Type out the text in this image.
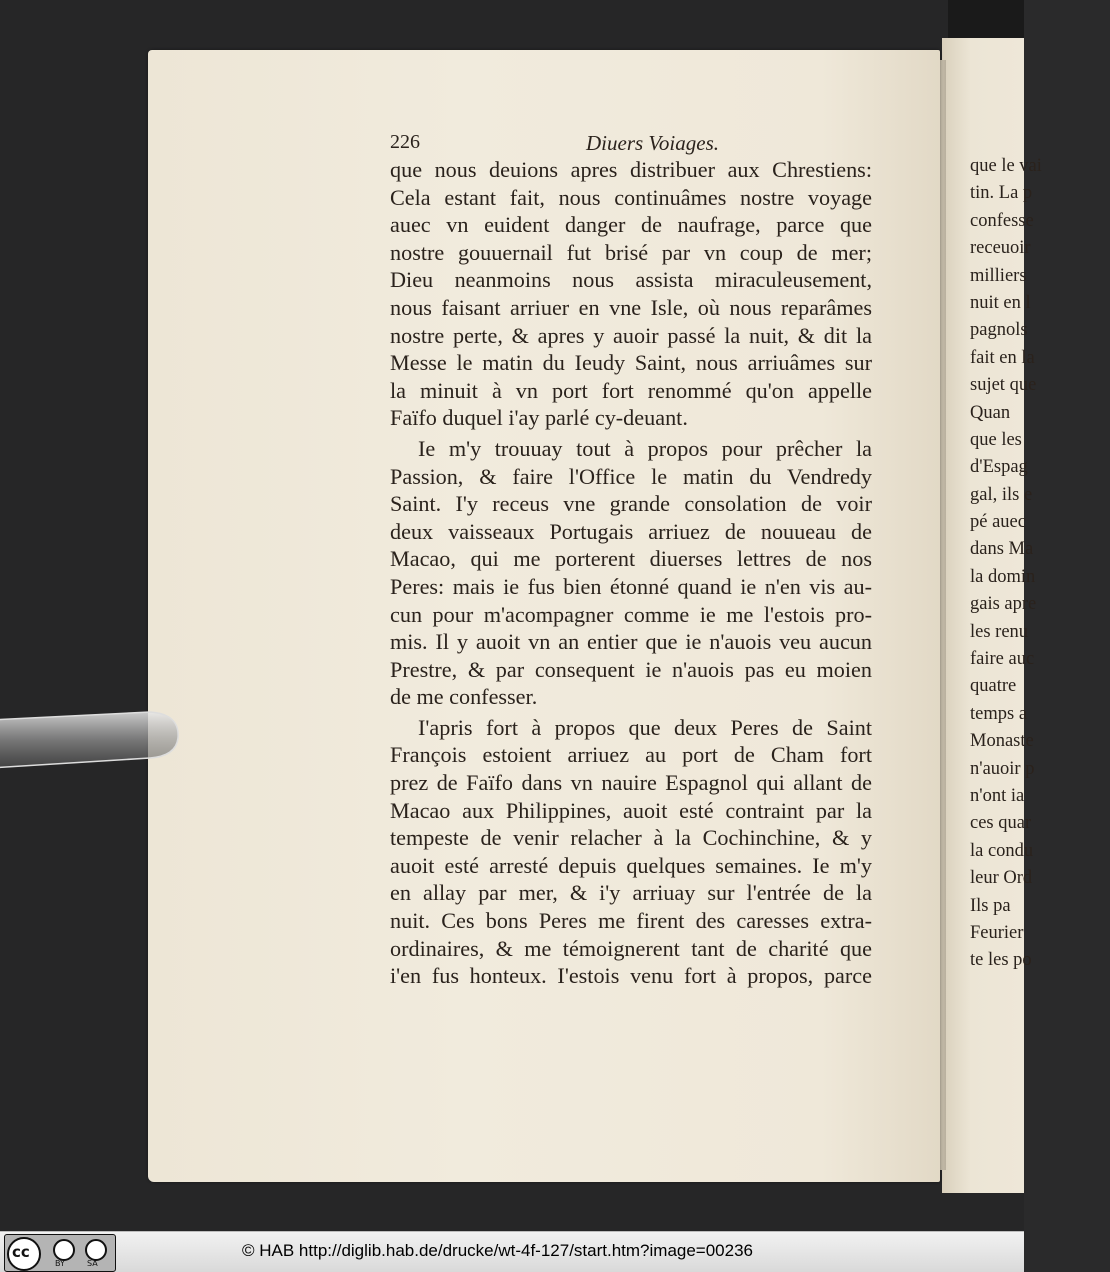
226	Diuers Voiages.
que nous deuions apres distribuer aux Chrestiens:
Cela estant fait, nous continuâmes nostre voyage
auec vn euident danger de naufrage, parce que
nostre gouuernail fut brisé par vn coup de mer;
Dieu neanmoins nous assista miraculeusement,
nous faisant arriuer en vne Isle, où nous reparâmes
nostre perte, & apres y auoir passé la nuit, & dit la
Messe le matin du Ieudy Saint, nous arriuâmes sur
la minuit à vn port fort renommé qu'on appelle
Faïfo duquel i'ay parlé cy-deuant.
Ie m'y trouuay tout à propos pour prêcher la
Passion, & faire l'Office le matin du Vendredy
Saint. I'y receus vne grande consolation de voir
deux vaisseaux Portugais arriuez de nouueau de
Macao, qui me porterent diuerses lettres de nos
Peres: mais ie fus bien étonné quand ie n'en vis au-
cun pour m'acompagner comme ie me l'estois pro-
mis. Il y auoit vn an entier que ie n'auois veu aucun
Prestre, & par consequent ie n'auois pas eu moien
de me confesser.
I'apris fort à propos que deux Peres de Saint
François estoient arriuez au port de Cham fort
prez de Faïfo dans vn nauire Espagnol qui allant de
Macao aux Philippines, auoit esté contraint par la
tempeste de venir relacher à la Cochinchine, & y
auoit esté arresté depuis quelques semaines. Ie m'y
en allay par mer, & i'y arriuay sur l'entrée de la
nuit. Ces bons Peres me firent des caresses extra-
ordinaires, & me témoignerent tant de charité que
i'en fus honteux. I'estois venu fort à propos, parce
que le vai
tin. La p
confesse
receuoir
milliers
nuit en l
pagnols
fait en la
sujet que
Quan
que les
d'Espag
gal, ils e
pé auec
dans Ma
la domin
gais apre
les renu
faire auc
quatre
temps a
Monaste
n'auoir p
n'ont ia
ces quar
la condu
leur Ord
Ils pa
Feurier
te les po
cc
BY	SA
© HAB http://diglib.hab.de/drucke/wt-4f-127/start.htm?image=00236
